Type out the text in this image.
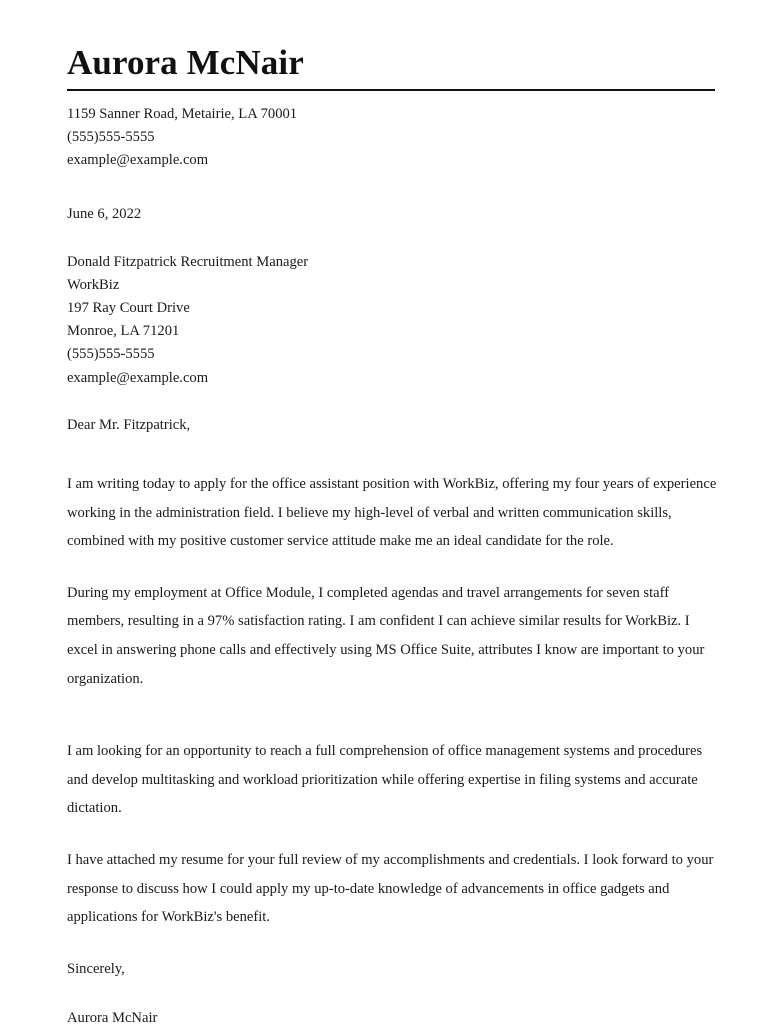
Aurora McNair
1159 Sanner Road, Metairie, LA 70001
(555)555-5555
example@example.com
June 6, 2022
Donald Fitzpatrick Recruitment Manager
WorkBiz
197 Ray Court Drive
Monroe, LA 71201
(555)555-5555
example@example.com
Dear Mr. Fitzpatrick,

I am writing today to apply for the office assistant position with WorkBiz, offering my four years of experience working in the administration field. I believe my high-level of verbal and written communication skills, combined with my positive customer service attitude make me an ideal candidate for the role.

During my employment at Office Module, I completed agendas and travel arrangements for seven staff members, resulting in a 97% satisfaction rating. I am confident I can achieve similar results for WorkBiz. I excel in answering phone calls and effectively using MS Office Suite, attributes I know are important to your organization.

I am looking for an opportunity to reach a full comprehension of office management systems and procedures and develop multitasking and workload prioritization while offering expertise in filing systems and accurate dictation.

I have attached my resume for your full review of my accomplishments and credentials. I look forward to your response to discuss how I could apply my up-to-date knowledge of advancements in office gadgets and applications for WorkBiz's benefit.

Sincerely,
Aurora McNair
